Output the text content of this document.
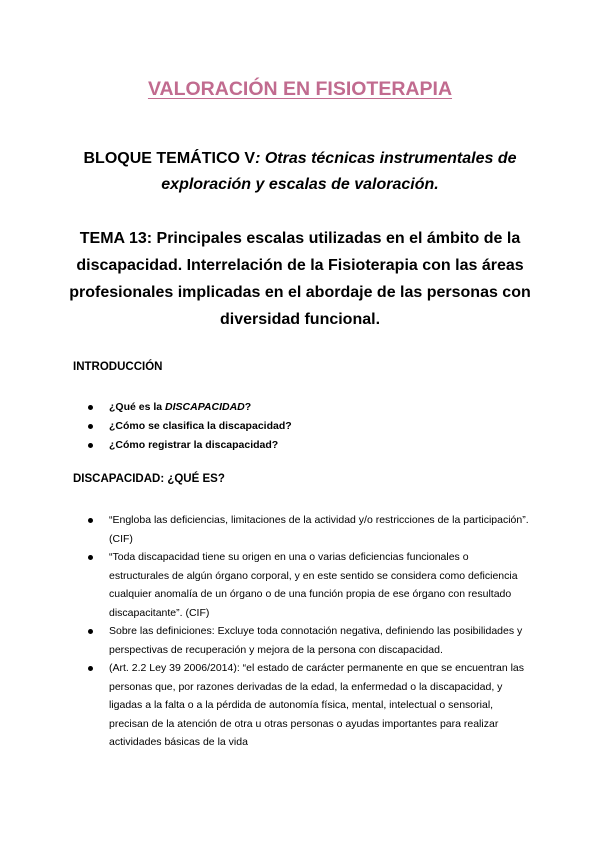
VALORACIÓN EN FISIOTERAPIA

BLOQUE TEMÁTICO V: Otras técnicas instrumentales de exploración y escalas de valoración.

TEMA 13: Principales escalas utilizadas en el ámbito de la discapacidad. Interrelación de la Fisioterapia con las áreas profesionales implicadas en el abordaje de las personas con diversidad funcional.

INTRODUCCIÓN

¿Qué es la DISCAPACIDAD?
¿Cómo se clasifica la discapacidad?
¿Cómo registrar la discapacidad?

DISCAPACIDAD: ¿QUÉ ES?

“Engloba las deficiencias, limitaciones de la actividad y/o restricciones de la participación”. (CIF)
“Toda discapacidad tiene su origen en una o varias deficiencias funcionales o estructurales de algún órgano corporal, y en este sentido se considera como deficiencia cualquier anomalía de un órgano o de una función propia de ese órgano con resultado discapacitante”. (CIF)
Sobre las definiciones: Excluye toda connotación negativa, definiendo las posibilidades y perspectivas de recuperación y mejora de la persona con discapacidad.
(Art. 2.2 Ley 39 2006/2014): “el estado de carácter permanente en que se encuentran las personas que, por razones derivadas de la edad, la enfermedad o la discapacidad, y ligadas a la falta o a la pérdida de autonomía física, mental, intelectual o sensorial, precisan de la atención de otra u otras personas o ayudas importantes para realizar actividades básicas de la vida
